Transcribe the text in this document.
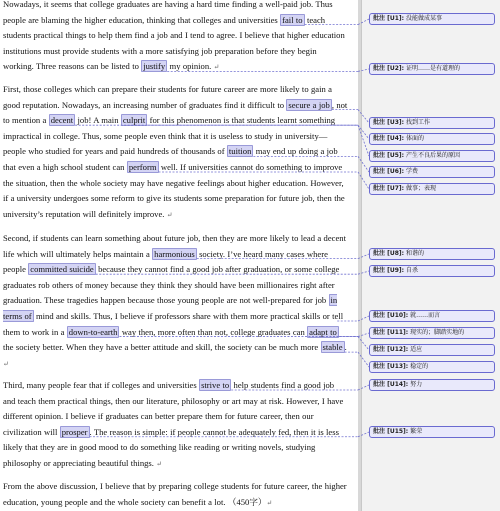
Nowadays, it seems that college graduates are having a hard time finding a well-paid job. Thus people are blaming the higher education, thinking that colleges and universities fail to teach students practical things to help them find a job and I tend to agree. I believe that higher education institutions must provide students with a more satisfying job preparation before they begin working. Three reasons can be listed to justify my opinion. ↵

First, those colleges which can prepare their students for future career are more likely to gain a good reputation. Nowadays, an increasing number of graduates find it difficult to secure a job , not to mention a decent job! A main culprit for this phenomenon is that students learnt something impractical in college. Thus, some people even think that it is useless to study in university—people who studied for years and paid hundreds of thousands of tuition may end up doing a job that even a high school student can perform well. If universities cannot do something to improve the situation, then the whole society may have negative feelings about higher education. However, if a university undergoes some reform to give its students some preparation for future job, then the university’s reputation will definitely improve. ↵

Second, if students can learn something about future job, then they are more likely to lead a decent life which will ultimately helps maintain a harmonious society. I’ve heard many cases where people committed suicide because they cannot find a good job after graduation, or some college graduates rob others of money because they think they should have been millionaires right after graduation. These tragedies happen because those young people are not well-prepared for job in terms of mind and skills. Thus, I believe if professors share with them more practical skills or tell them to work in a down-to-earth way then, more often than not, college graduates can adapt to the society better. When they have a better attitude and skill, the society can be much more stable . ↵

Third, many people fear that if colleges and universities strive to help students find a good job and teach them practical things, then our literature, philosophy or art may at risk. However, I have different opinion. I believe if graduates can better prepare them for future career, then our civilization will prosper . The reason is simple: if people cannot be adequately fed, then it is less likely that they are in good mood to do something like reading or writing novels, studying philosophy or appreciating beautiful things. ↵

From the above discussion, I believe that by preparing college students for future career, the higher education, young people and the whole society can benefit a lot. （450字）↵

批注 [U1]: 没能做成某事
批注 [U2]: 证明……是有道理的
批注 [U3]: 找到工作
批注 [U4]: 体面的
批注 [U5]: 产生不良后果的原因
批注 [U6]: 学费
批注 [U7]: 做事；表现
批注 [U8]: 和谐的
批注 [U9]: 自杀
批注 [U10]: 就……而言
批注 [U11]: 现实的；脚踏实地的
批注 [U12]: 适应
批注 [U13]: 稳定的
批注 [U14]: 努力
批注 [U15]: 繁荣
